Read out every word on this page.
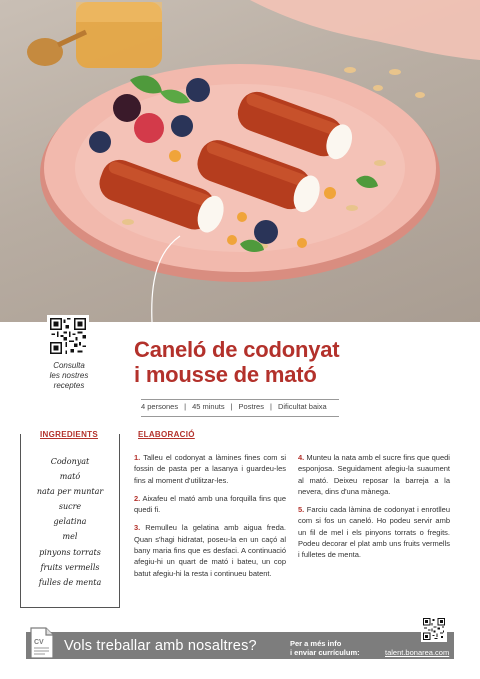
Consulta
les nostres
receptes
Caneló de codonyat
i mousse de mató
4 persones | 45 minuts | Postres | Dificultat baixa
INGREDIENTS
Codonyat
mató
nata per muntar
sucre
gelatina
mel
pinyons torrats
fruits vermells
fulles de menta
ELABORACIÓ

1. Talleu el codonyat a làmines fines com si fossin de pasta per a lasanya i guardeu-les fins al moment d'utilitzar-les.

2. Aixafeu el mató amb una forquilla fins que quedi fi.

3. Remulleu la gelatina amb aigua freda. Quan s'hagi hidratat, poseu-la en un caçó al bany maria fins que es desfaci. A continuació afegiu-hi un quart de mató i bateu, un cop batut afegiu-hi la resta i continueu batent.

4. Munteu la nata amb el sucre fins que quedi esponjosa. Seguidament afegiu-la suaument al mató. Deixeu reposar la barreja a la nevera, dins d'una mànega.

5. Farciu cada làmina de codonyat i enrotlleu com si fos un caneló. Ho podeu servir amb un fil de mel i els pinyons torrats o fregits. Podeu decorar el plat amb uns fruits vermells i fulletes de menta.

CV Vols treballar amb nosaltres?	Per a més info
i enviar currículum:	talent.bonarea.com
